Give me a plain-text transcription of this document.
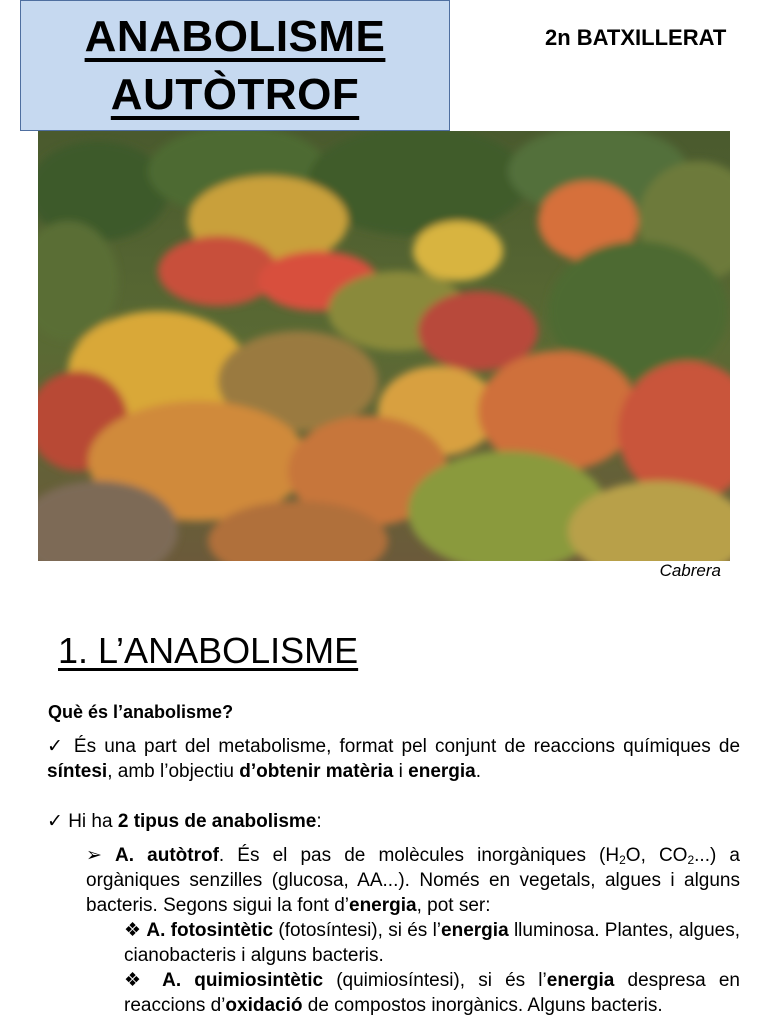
ANABOLISME
AUTÒTROF
2n BATXILLERAT
Cabrera
1. L’ANABOLISME
Què és l’anabolisme?
✓ És una part del metabolisme, format pel conjunt de reaccions químiques de síntesi, amb l’objectiu d’obtenir matèria i energia.
✓ Hi ha 2 tipus de anabolisme:
➢ A. autòtrof. És el pas de molècules inorgàniques ($H_2O$, $CO_2$...) a orgàniques senzilles (glucosa, AA...). Només en vegetals, algues i alguns bacteris. Segons sigui la font d’energia, pot ser:
❖ A. fotosintètic (fotosíntesi), si és l’energia lluminosa. Plantes, algues, cianobacteris i alguns bacteris.
❖ A. quimiosintètic (quimiosíntesi), si és l’energia despresa en reaccions d’oxidació de compostos inorgànics. Alguns bacteris.
